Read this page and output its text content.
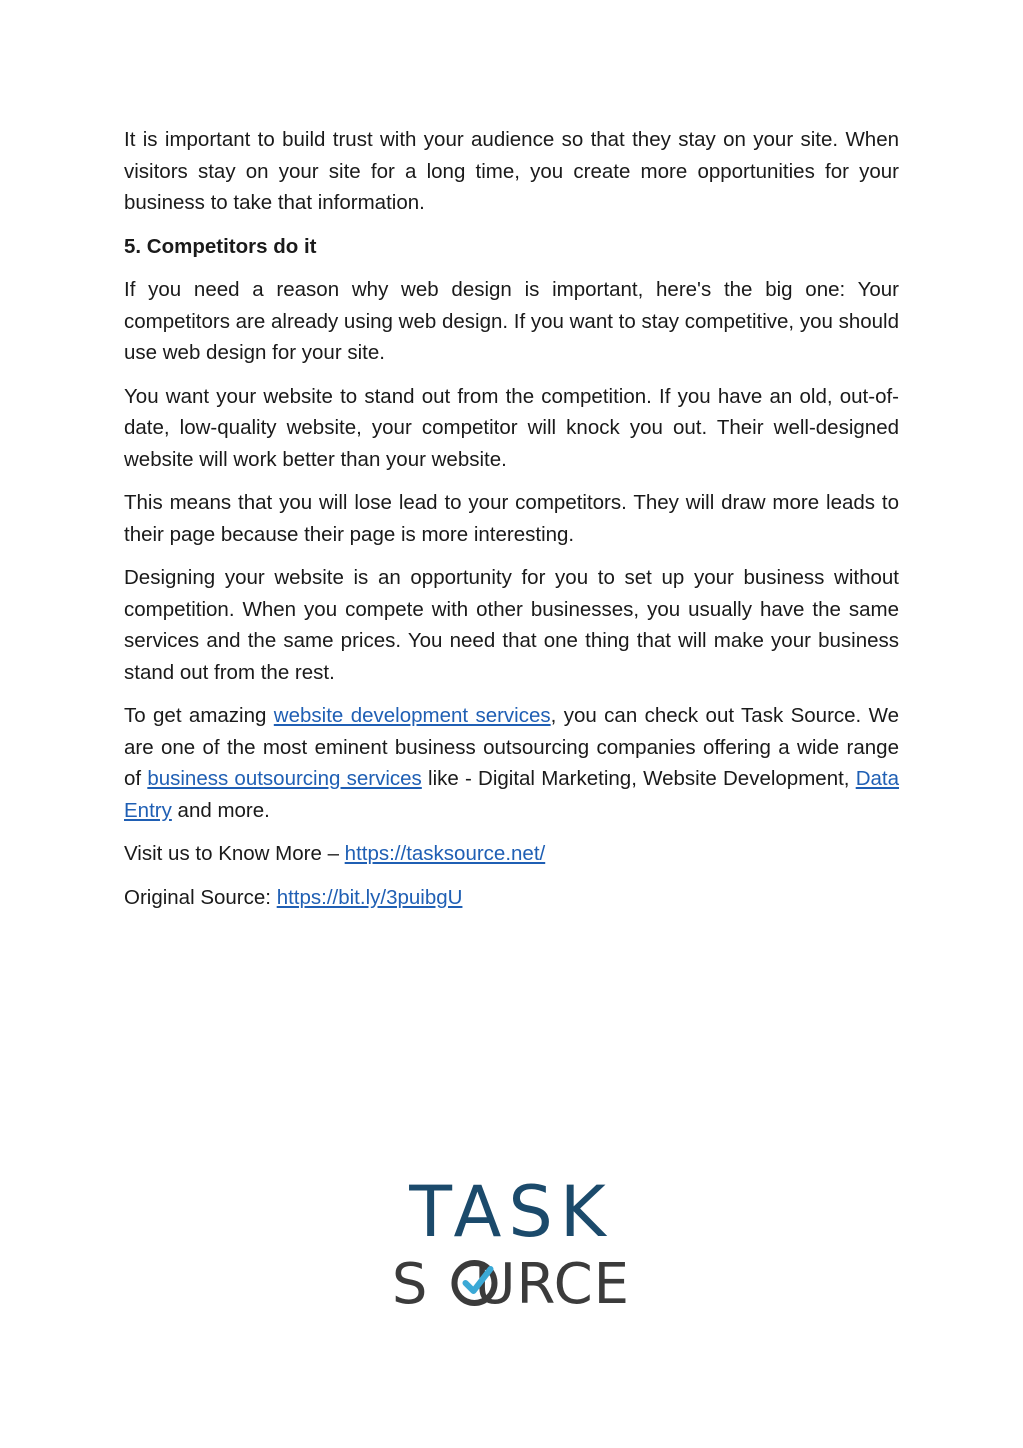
It is important to build trust with your audience so that they stay on your site. When visitors stay on your site for a long time, you create more opportunities for your business to take that information.

5. Competitors do it

If you need a reason why web design is important, here's the big one: Your competitors are already using web design. If you want to stay competitive, you should use web design for your site.

You want your website to stand out from the competition. If you have an old, out-of-date, low-quality website, your competitor will knock you out. Their well-designed website will work better than your website.

This means that you will lose lead to your competitors. They will draw more leads to their page because their page is more interesting.

Designing your website is an opportunity for you to set up your business without competition. When you compete with other businesses, you usually have the same services and the same prices. You need that one thing that will make your business stand out from the rest.

To get amazing website development services, you can check out Task Source. We are one of the most eminent business outsourcing companies offering a wide range of business outsourcing services like - Digital Marketing, Website Development, Data Entry and more.

Visit us to Know More – https://tasksource.net/

Original Source: https://bit.ly/3puibgU

TASK
S URCE
